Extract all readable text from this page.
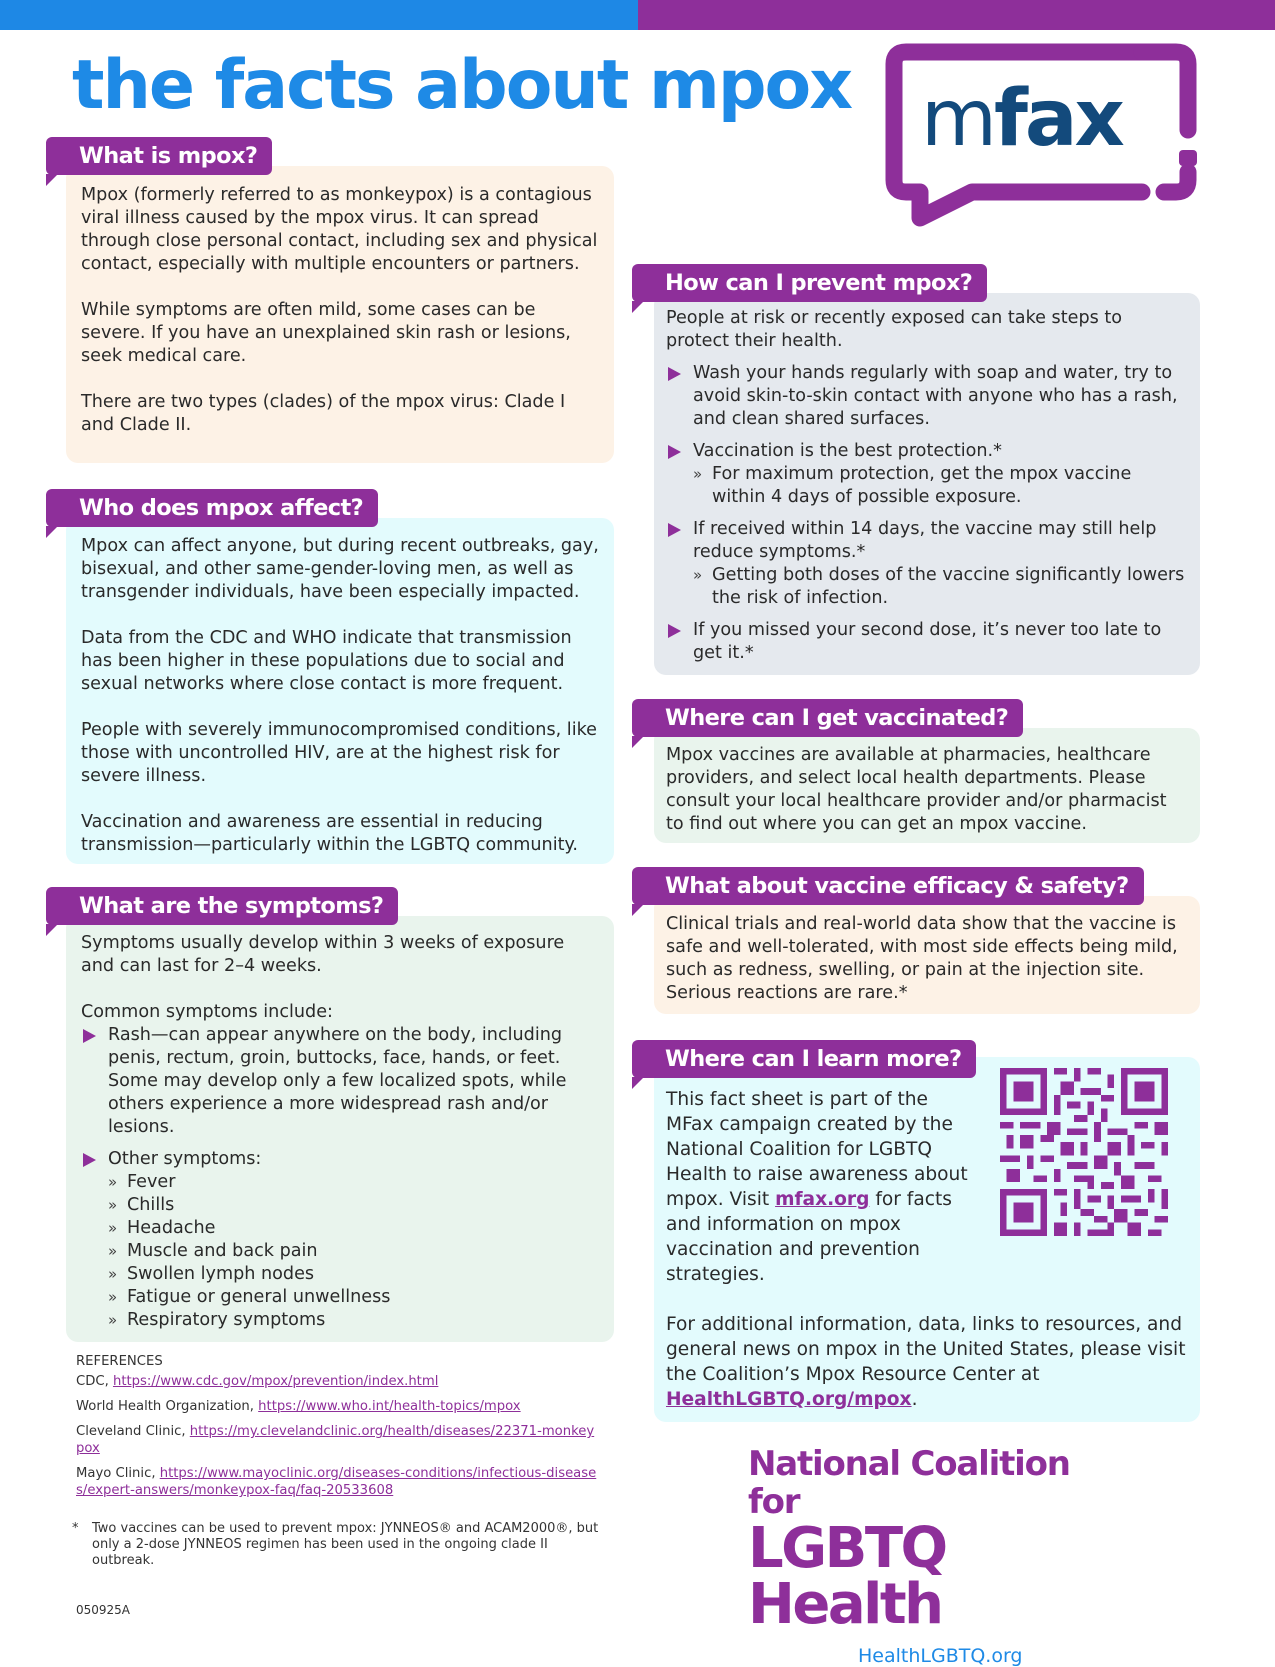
the facts about mpox mfax
What is mpox?

Mpox (formerly referred to as monkeypox) is a contagious viral illness caused by the mpox virus. It can spread through close personal contact, including sex and physical contact, especially with multiple encounters or partners.

While symptoms are often mild, some cases can be severe. If you have an unexplained skin rash or lesions, seek medical care.

There are two types (clades) of the mpox virus: Clade I and Clade II.

Who does mpox affect?

Mpox can affect anyone, but during recent outbreaks, gay, bisexual, and other same-gender-loving men, as well as transgender individuals, have been especially impacted.

Data from the CDC and WHO indicate that transmission has been higher in these populations due to social and sexual networks where close contact is more frequent.

People with severely immunocompromised conditions, like those with uncontrolled HIV, are at the highest risk for severe illness.

Vaccination and awareness are essential in reducing transmission—particularly within the LGBTQ community.

What are the symptoms?

Symptoms usually develop within 3 weeks of exposure and can last for 2–4 weeks.

Common symptoms include:

Rash—can appear anywhere on the body, including penis, rectum, groin, buttocks, face, hands, or feet. Some may develop only a few localized spots, while others experience a more widespread rash and/or lesions.
Other symptoms:
» Fever
» Chills
» Headache
» Muscle and back pain
» Swollen lymph nodes
» Fatigue or general unwellness
» Respiratory symptoms
How can I prevent mpox?

People at risk or recently exposed can take steps to protect their health.

Wash your hands regularly with soap and water, try to avoid skin-to-skin contact with anyone who has a rash, and clean shared surfaces.
Vaccination is the best protection.*
» For maximum protection, get the mpox vaccine within 4 days of possible exposure.
If received within 14 days, the vaccine may still help reduce symptoms.*
» Getting both doses of the vaccine significantly lowers the risk of infection.
If you missed your second dose, it’s never too late to get it.*
Where can I get vaccinated?

Mpox vaccines are available at pharmacies, healthcare providers, and select local health departments. Please consult your local healthcare provider and/or pharmacist to find out where you can get an mpox vaccine.

What about vaccine efficacy & safety?

Clinical trials and real-world data show that the vaccine is safe and well-tolerated, with most side effects being mild, such as redness, swelling, or pain at the injection site. Serious reactions are rare.*

Where can I learn more?

This fact sheet is part of the MFax campaign created by the National Coalition for LGBTQ Health to raise awareness about mpox. Visit mfax.org for facts and information on mpox vaccination and prevention strategies.

For additional information, data, links to resources, and general news on mpox in the United States, please visit the Coalition’s Mpox Resource Center at HealthLGBTQ.org/mpox.

REFERENCES
CDC, https://www.cdc.gov/mpox/prevention/index.html
World Health Organization, https://www.who.int/health-topics/mpox
Cleveland Clinic, https://my.clevelandclinic.org/health/diseases/22371-monkeypox
Mayo Clinic, https://www.mayoclinic.org/diseases-conditions/infectious-diseases/expert-answers/monkeypox-faq/faq-20533608
* Two vaccines can be used to prevent mpox: JYNNEOS® and ACAM2000®, but only a 2-dose JYNNEOS regimen has been used in the ongoing clade II outbreak.
050925A
National Coalition for
LGBTQ Health
HealthLGBTQ.org
